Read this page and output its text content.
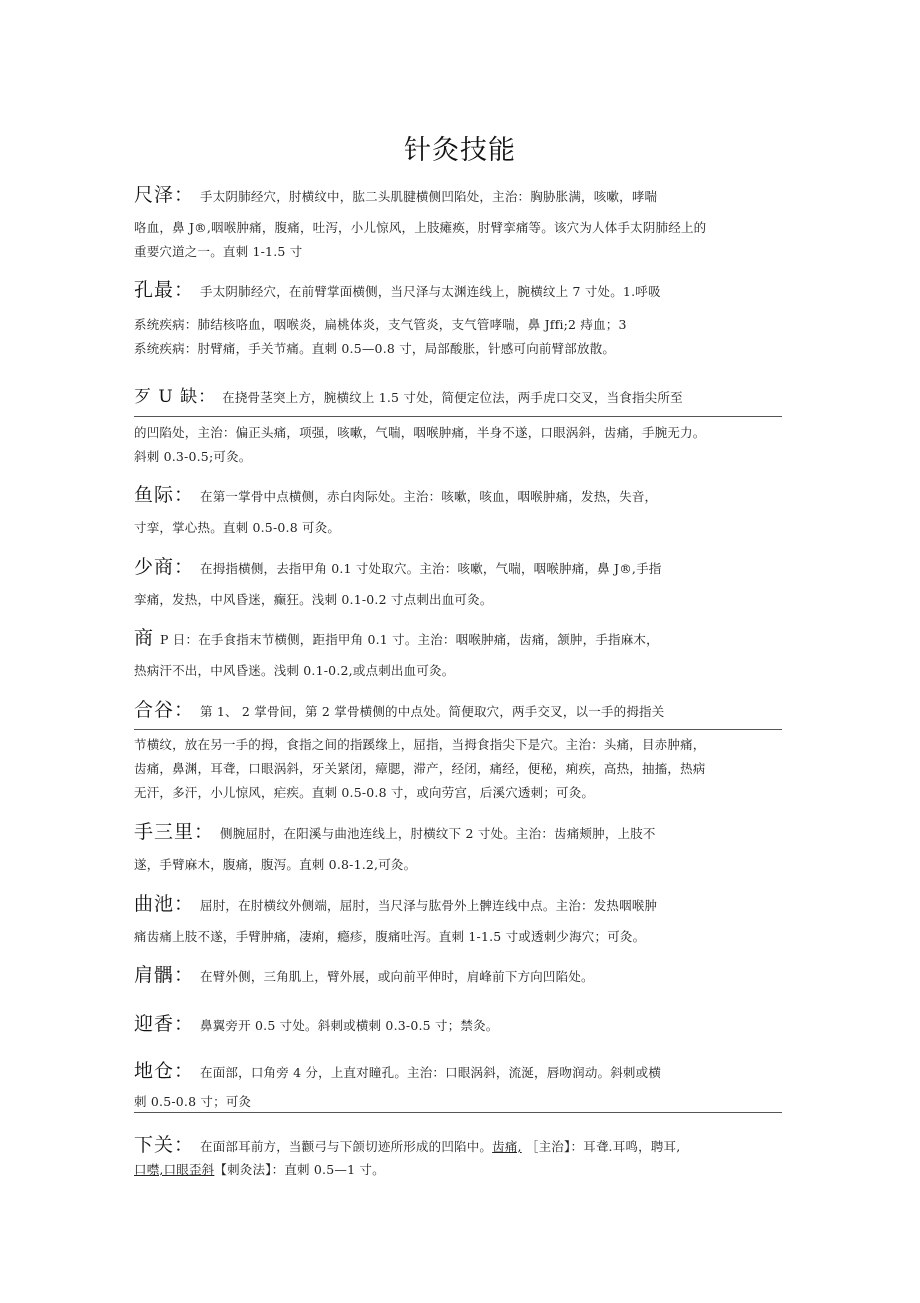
针灸技能
尺泽： 手太阴肺经穴，肘横纹中，肱二头肌腱横侧凹陷处，主治：胸胁胀满，咳嗽，哮喘
咯血，鼻 J®,咽喉肿痛，腹痛，吐泻，小儿惊风，上肢瘫痪，肘臂挛痛等。该穴为人体手太阴肺经上的
重要穴道之一。直刺 1-1.5 寸
孔最： 手太阴肺经穴，在前臂掌面横侧，当尺泽与太渊连线上，腕横纹上 7 寸处。1.呼吸
系统疾病：肺结核咯血，咽喉炎，扁桃体炎，支气管炎，支气管哮喘，鼻 Jffi;2 痔血；3
系统疾病：肘臂痛，手关节痛。直刺 0.5—0.8 寸，局部酸胀，针感可向前臂部放散。
歹 U 缺： 在挠骨茎突上方，腕横纹上 1.5 寸处，简便定位法，两手虎口交叉，当食指尖所至
的凹陷处，主治：偏正头痛，项强，咳嗽，气喘，咽喉肿痛，半身不遂，口眼涡斜，齿痛，手腕无力。
斜刺 0.3-0.5;可灸。
鱼际： 在第一掌骨中点横侧，赤白肉际处。主治：咳嗽，咳血，咽喉肿痛，发热，失音，
寸挛，掌心热。直刺 0.5-0.8 可灸。
少商： 在拇指横侧，去指甲角 0.1 寸处取穴。主治：咳嗽，气喘，咽喉肿痛，鼻 J®,手指
挛痛，发热，中风昏迷，癫狂。浅刺 0.1-0.2 寸点刺出血可灸。
商 P 日：在手食指末节横侧，距指甲角 0.1 寸。主治：咽喉肿痛，齿痛，颔肿，手指麻木，
热病汗不出，中风昏迷。浅刺 0.1-0.2,或点刺出血可灸。
合谷： 第 1、 2 掌骨间，第 2 掌骨横侧的中点处。简便取穴，两手交叉，以一手的拇指关
节横纹，放在另一手的拇，食指之间的指蹊缘上，屈指，当拇食指尖下是穴。主治：头痛，目赤肿痛，
齿痛，鼻渊，耳聋，口眼涡斜，牙关紧闭，瘴腮，滞产，经闭，痛经，便秘，痢疾，高热，抽搐，热病
无汗，多汗，小儿惊风，疟疾。直刺 0.5-0.8 寸，或向劳宫，后溪穴透刺；可灸。
手三里： 侧腕屈肘，在阳溪与曲池连线上，肘横纹下 2 寸处。主治：齿痛颊肿，上肢不
遂，手臂麻木，腹痛，腹泻。直刺 0.8-1.2,可灸。
曲池： 屈肘，在肘横纹外侧端，屈肘，当尺泽与肱骨外上髀连线中点。主治：发热咽喉肿
痛齿痛上肢不遂，手臂肿痛，凄痢，瘾疹，腹痛吐泻。直刺 1-1.5 寸或透刺少海穴；可灸。
肩髃： 在臂外侧，三角肌上，臂外展，或向前平伸时，肩峰前下方向凹陷处。
迎香： 鼻翼旁开 0.5 寸处。斜刺或横刺 0.3-0.5 寸；禁灸。
地仓： 在面部，口角旁 4 分，上直对瞳孔。主治：口眼涡斜，流涎，唇吻润动。斜刺或横
刺 0.5-0.8 寸；可灸
下关： 在面部耳前方，当颧弓与下颌切迹所形成的凹陷中。齿痛, ［主治】：耳聋.耳鸣，聘耳,
口噤,口眼歪斜【刺灸法】：直刺 0.5—1 寸。
